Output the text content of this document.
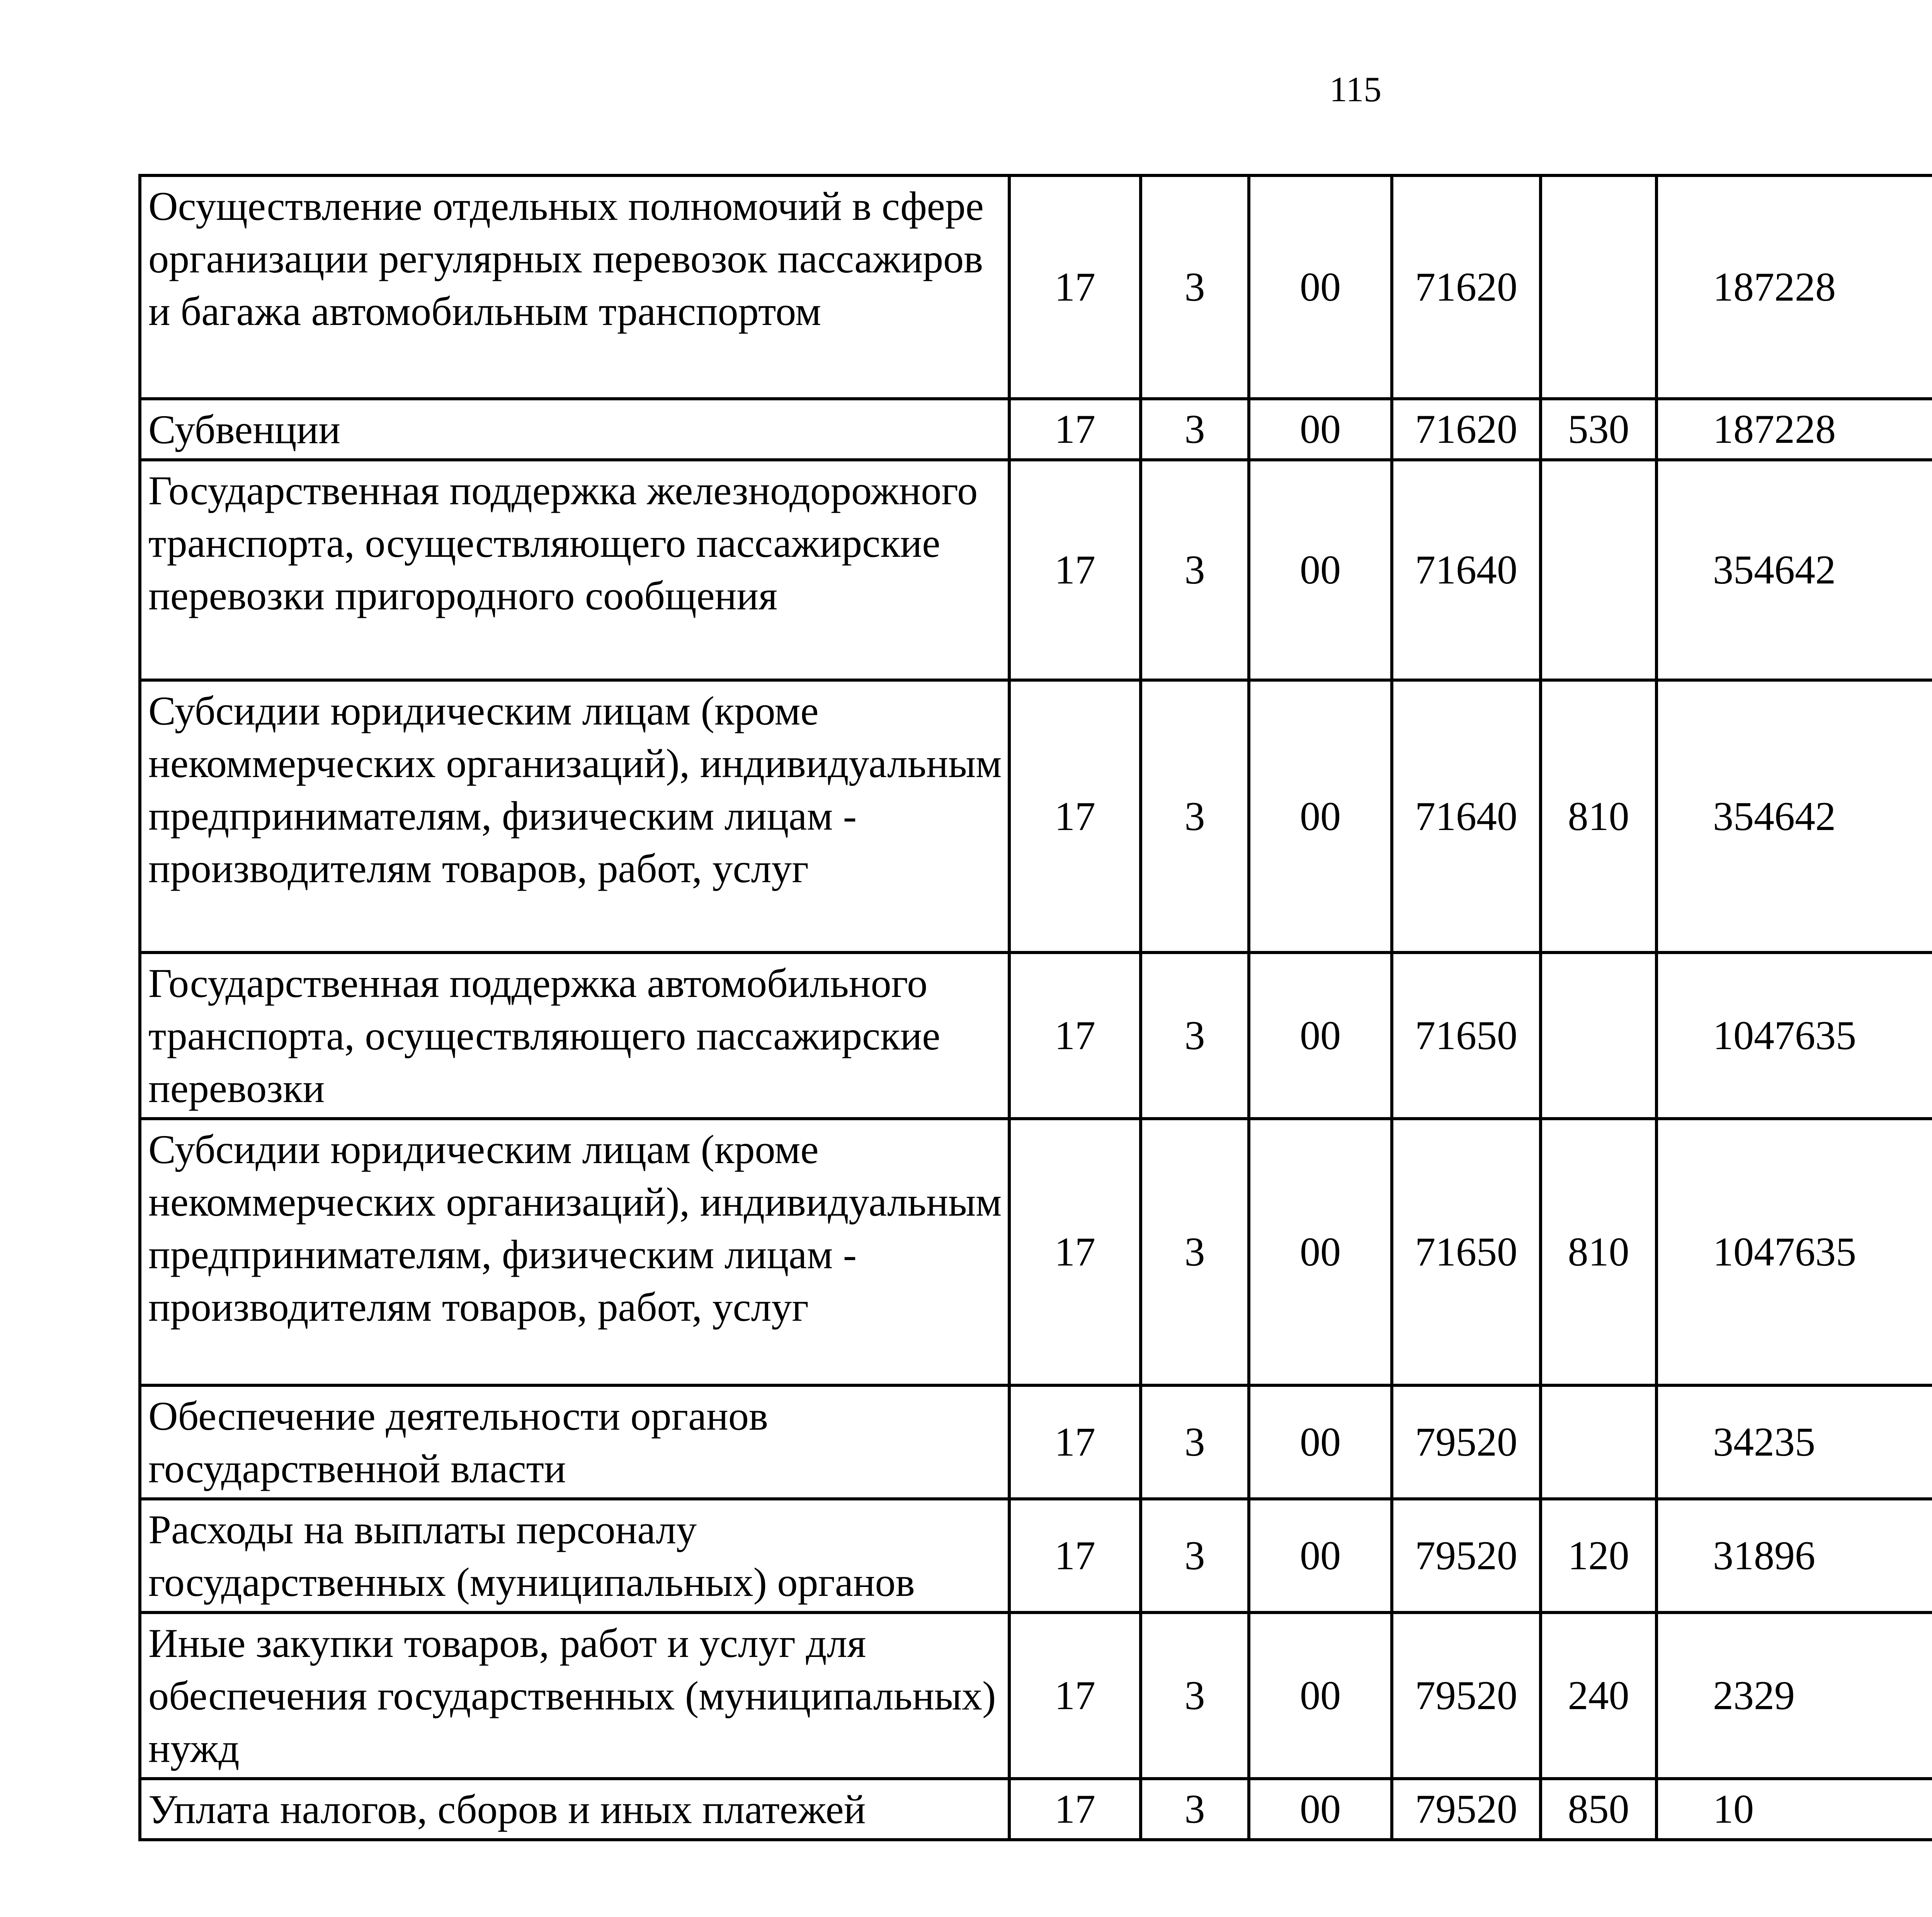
115
Осуществление отдельных полномочий в сфере организации регулярных перевозок пассажиров и багажа автомобильным транспортом	17	3	00	71620		187228		
Субвенции	17	3	00	71620	530	187228		
Государственная поддержка железнодорожного транспорта, осуществляющего пассажирские перевозки пригородного сообщения	17	3	00	71640		354642		
Субсидии юридическим лицам (кроме некоммерческих организаций), индивидуальным предпринимателям, физическим лицам - производителям товаров, работ, услуг	17	3	00	71640	810	354642		
Государственная поддержка автомобильного транспорта, осуществляющего пассажирские перевозки	17	3	00	71650		1047635		
Субсидии юридическим лицам (кроме некоммерческих организаций), индивидуальным предпринимателям, физическим лицам - производителям товаров, работ, услуг	17	3	00	71650	810	1047635		
Обеспечение деятельности органов государственной власти	17	3	00	79520		34235		
Расходы на выплаты персоналу государственных (муниципальных) органов	17	3	00	79520	120	31896		
Иные закупки товаров, работ и услуг для обеспечения государственных (муниципальных) нужд	17	3	00	79520	240	2329		
Уплата налогов, сборов и иных платежей	17	3	00	79520	850	10		
